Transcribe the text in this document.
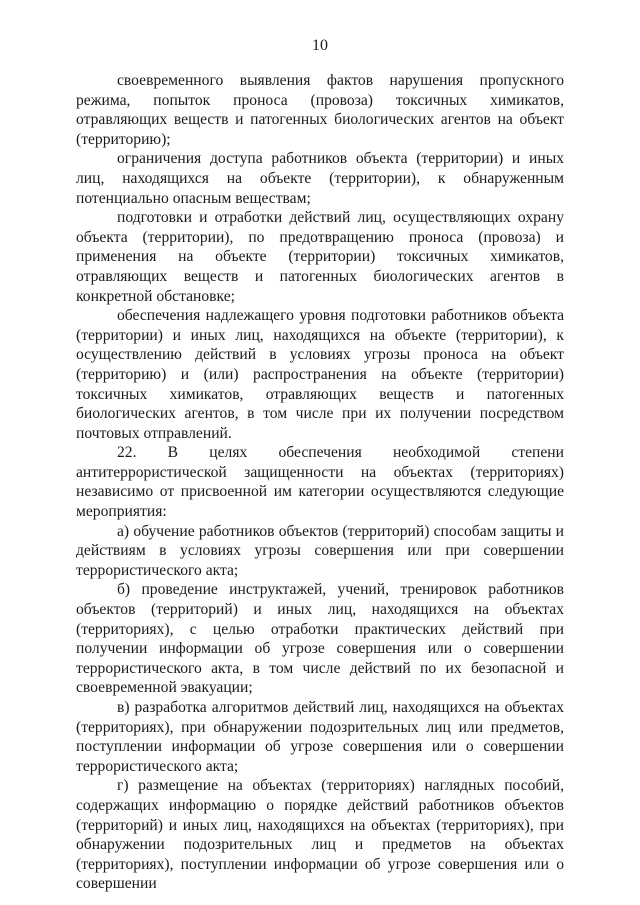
10

своевременного выявления фактов нарушения пропускного режима, попыток проноса (провоза) токсичных химикатов, отравляющих веществ и патогенных биологических агентов на объект (территорию);

ограничения доступа работников объекта (территории) и иных лиц, находящихся на объекте (территории), к обнаруженным потенциально опасным веществам;

подготовки и отработки действий лиц, осуществляющих охрану объекта (территории), по предотвращению проноса (провоза) и применения на объекте (территории) токсичных химикатов, отравляющих веществ и патогенных биологических агентов в конкретной обстановке;

обеспечения надлежащего уровня подготовки работников объекта (территории) и иных лиц, находящихся на объекте (территории), к осуществлению действий в условиях угрозы проноса на объект (территорию) и (или) распространения на объекте (территории) токсичных химикатов, отравляющих веществ и патогенных биологических агентов, в том числе при их получении посредством почтовых отправлений.

22. В целях обеспечения необходимой степени антитеррористической защищенности на объектах (территориях) независимо от присвоенной им категории осуществляются следующие мероприятия:

а) обучение работников объектов (территорий) способам защиты и действиям в условиях угрозы совершения или при совершении террористического акта;

б) проведение инструктажей, учений, тренировок работников объектов (территорий) и иных лиц, находящихся на объектах (территориях), с целью отработки практических действий при получении информации об угрозе совершения или о совершении террористического акта, в том числе действий по их безопасной и своевременной эвакуации;

в) разработка алгоритмов действий лиц, находящихся на объектах (территориях), при обнаружении подозрительных лиц или предметов, поступлении информации об угрозе совершения или о совершении террористического акта;

г) размещение на объектах (территориях) наглядных пособий, содержащих информацию о порядке действий работников объектов (территорий) и иных лиц, находящихся на объектах (территориях), при обнаружении подозрительных лиц и предметов на объектах (территориях), поступлении информации об угрозе совершения или о совершении
